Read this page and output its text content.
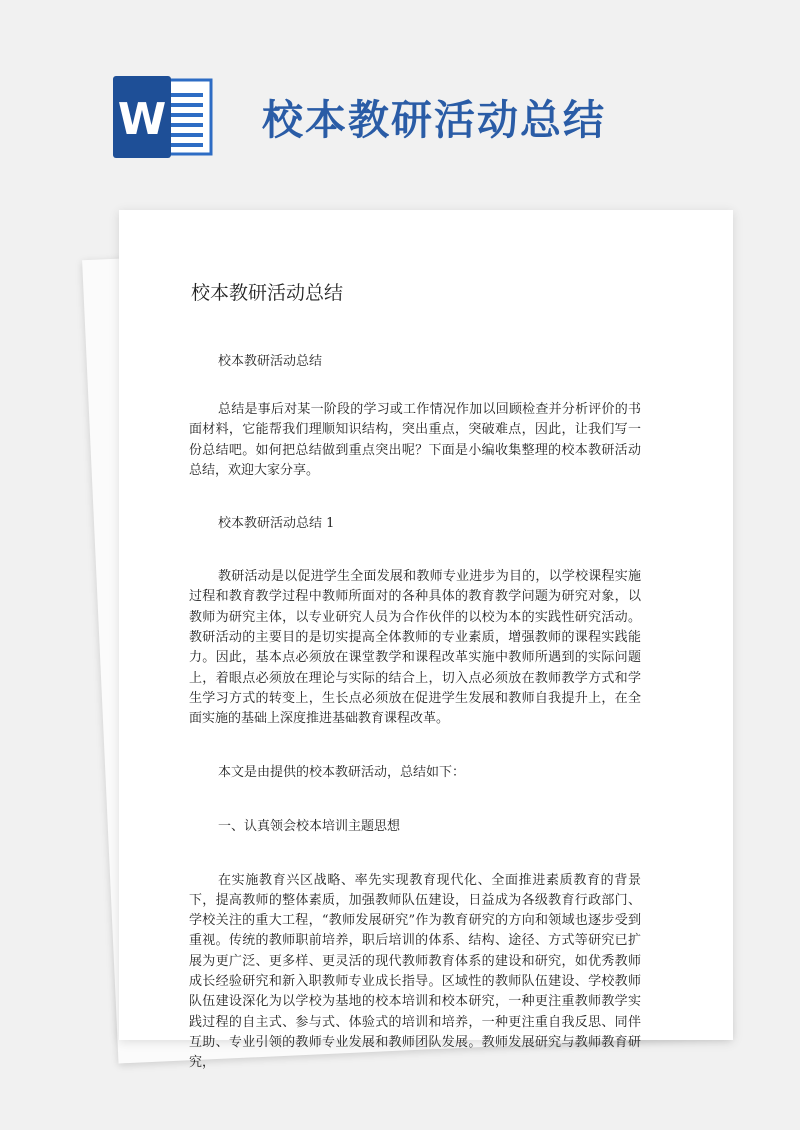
W 校本教研活动总结
校本教研活动总结

校本教研活动总结

总结是事后对某一阶段的学习或工作情况作加以回顾检查并分析评价的书面材料，它能帮我们理顺知识结构，突出重点，突破难点，因此，让我们写一份总结吧。如何把总结做到重点突出呢？下面是小编收集整理的校本教研活动总结，欢迎大家分享。

校本教研活动总结 1

教研活动是以促进学生全面发展和教师专业进步为目的，以学校课程实施过程和教育教学过程中教师所面对的各种具体的教育教学问题为研究对象，以教师为研究主体，以专业研究人员为合作伙伴的以校为本的实践性研究活动。教研活动的主要目的是切实提高全体教师的专业素质，增强教师的课程实践能力。因此，基本点必须放在课堂教学和课程改革实施中教师所遇到的实际问题上，着眼点必须放在理论与实际的结合上，切入点必须放在教师教学方式和学生学习方式的转变上，生长点必须放在促进学生发展和教师自我提升上，在全面实施的基础上深度推进基础教育课程改革。

本文是由提供的校本教研活动，总结如下：

一、认真领会校本培训主题思想

在实施教育兴区战略、率先实现教育现代化、全面推进素质教育的背景下，提高教师的整体素质，加强教师队伍建设，日益成为各级教育行政部门、学校关注的重大工程，“教师发展研究”作为教育研究的方向和领域也逐步受到重视。传统的教师职前培养，职后培训的体系、结构、途径、方式等研究已扩展为更广泛、更多样、更灵活的现代教师教育体系的建设和研究，如优秀教师成长经验研究和新入职教师专业成长指导。区域性的教师队伍建设、学校教师队伍建设深化为以学校为基地的校本培训和校本研究，一种更注重教师教学实践过程的自主式、参与式、体验式的培训和培养，一种更注重自我反思、同伴互助、专业引领的教师专业发展和教师团队发展。教师发展研究与教师教育研究，
